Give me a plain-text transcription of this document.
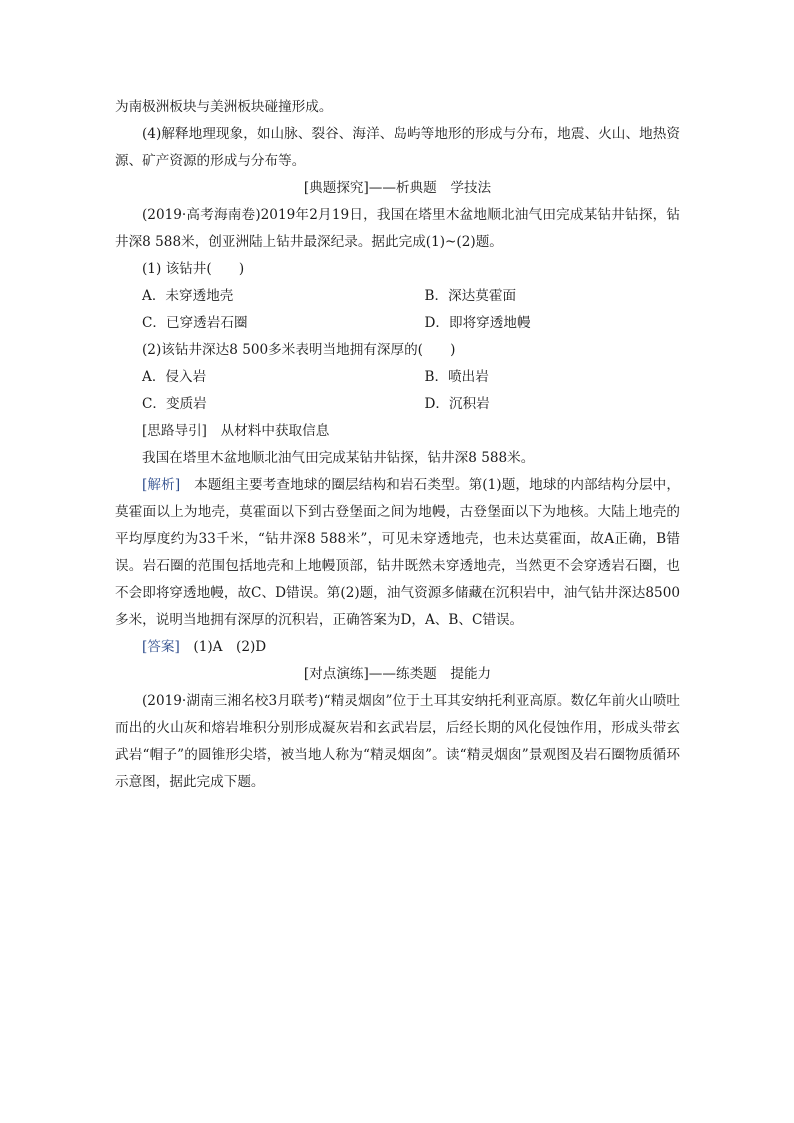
为南极洲板块与美洲板块碰撞形成。

(4)解释地理现象，如山脉、裂谷、海洋、岛屿等地形的形成与分布，地震、火山、地热资源、矿产资源的形成与分布等。

[典题探究]——析典题　学技法

(2019·高考海南卷)2019年2月19日，我国在塔里木盆地顺北油气田完成某钻井钻探，钻井深8 588米，创亚洲陆上钻井最深纪录。据此完成(1)~(2)题。

(1) 该钻井(　　)

A．未穿透地壳	B．深达莫霍面
C．已穿透岩石圈	D．即将穿透地幔

(2)该钻井深达8 500多米表明当地拥有深厚的(　　)

A．侵入岩	B．喷出岩
C．变质岩	D．沉积岩

[思路导引]　 从材料中获取信息

我国在塔里木盆地顺北油气田完成某钻井钻探，钻井深8 588米。

[解析]　 本题组主要考查地球的圈层结构和岩石类型。第(1)题，地球的内部结构分层中，莫霍面以上为地壳，莫霍面以下到古登堡面之间为地幔，古登堡面以下为地核。大陆上地壳的平均厚度约为33千米，“钻井深8 588米”，可见未穿透地壳，也未达莫霍面，故A正确，B错误。岩石圈的范围包括地壳和上地幔顶部，钻井既然未穿透地壳，当然更不会穿透岩石圈，也不会即将穿透地幔，故C、D错误。第(2)题，油气资源多储藏在沉积岩中，油气钻井深达8500多米，说明当地拥有深厚的沉积岩，正确答案为D，A、B、C错误。

[答案]　 (1)A　(2)D

[对点演练]——练类题　提能力

(2019·湖南三湘名校3月联考)“精灵烟囱”位于土耳其安纳托利亚高原。数亿年前火山喷吐而出的火山灰和熔岩堆积分别形成凝灰岩和玄武岩层，后经长期的风化侵蚀作用，形成头带玄武岩“帽子”的圆锥形尖塔，被当地人称为“精灵烟囱”。读“精灵烟囱”景观图及岩石圈物质循环示意图，据此完成下题。
